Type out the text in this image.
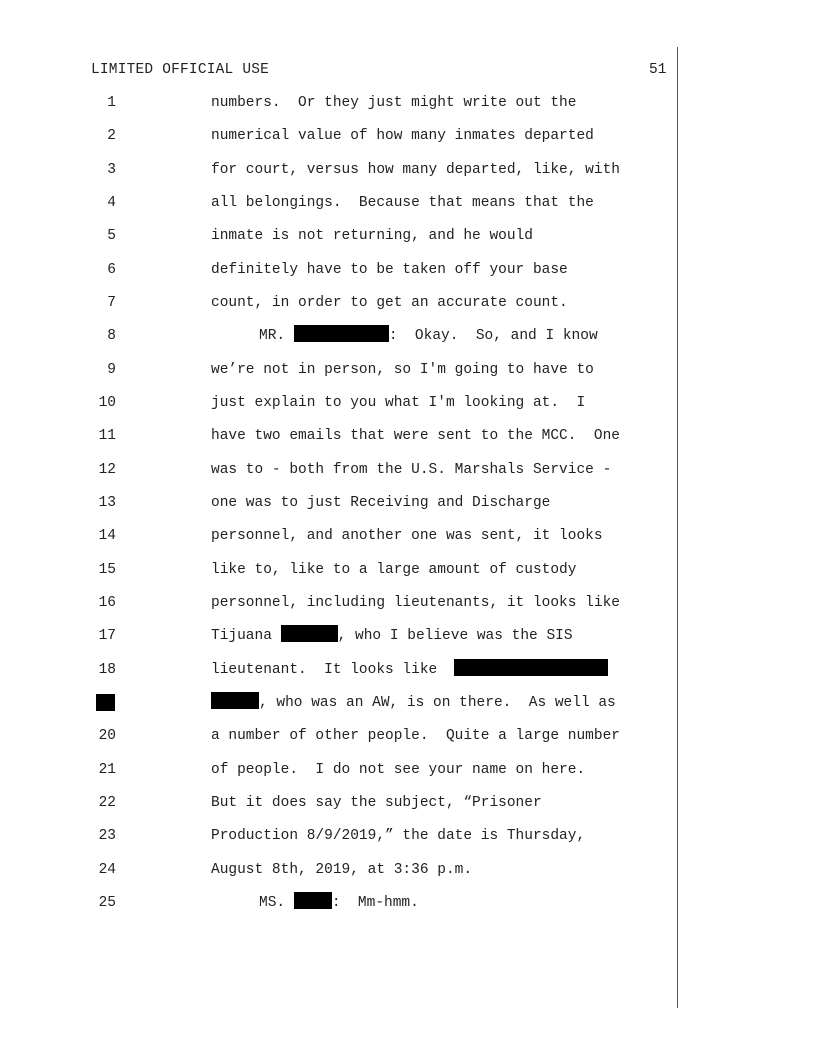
LIMITED OFFICIAL USE	51
1	numbers.  Or they just might write out the
2	numerical value of how many inmates departed
3	for court, versus how many departed, like, with
4	all belongings.  Because that means that the
5	inmate is not returning, and he would
6	definitely have to be taken off your base
7	count, in order to get an accurate count.
8	MR.	:  Okay.  So, and I know
9	we’re not in person, so I'm going to have to
10	just explain to you what I'm looking at.  I
11	have two emails that were sent to the MCC.  One
12	was to - both from the U.S. Marshals Service -
13	one was to just Receiving and Discharge
14	personnel, and another one was sent, it looks
15	like to, like to a large amount of custody
16	personnel, including lieutenants, it looks like
17	Tijuana	, who I believe was the SIS
18	lieutenant.  It looks like
, who was an AW, is on there.  As well as
20	a number of other people.  Quite a large number
21	of people.  I do not see your name on here.
22	But it does say the subject, “Prisoner
23	Production 8/9/2019,” the date is Thursday,
24	August 8th, 2019, at 3:36 p.m.
25	MS.	:  Mm-hmm.
